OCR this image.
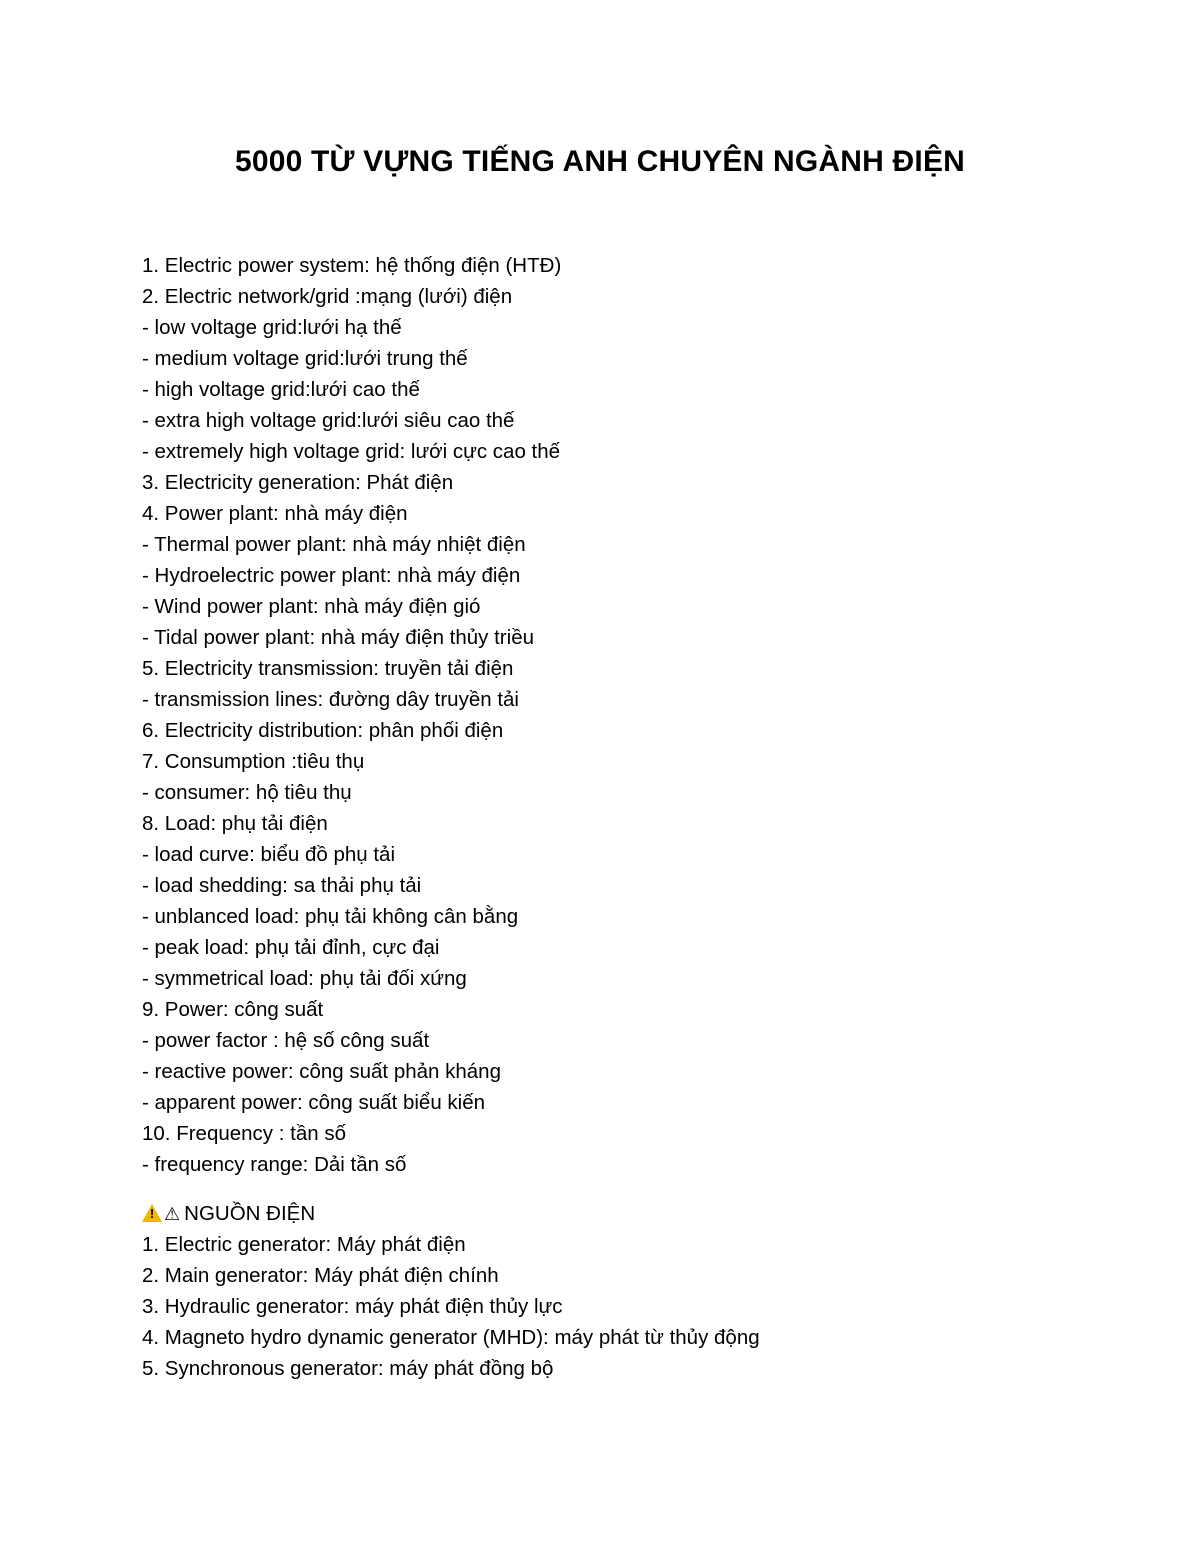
5000 TỪ VỰNG TIẾNG ANH CHUYÊN NGÀNH ĐIỆN
1. Electric power system: hệ thống điện (HTĐ)
2. Electric network/grid :mạng (lưới) điện
- low voltage grid:lưới hạ thế
- medium voltage grid:lưới trung thế
- high voltage grid:lưới cao thế
- extra high voltage grid:lưới siêu cao thế
- extremely high voltage grid: lưới cực cao thế
3. Electricity generation: Phát điện
4. Power plant: nhà máy điện
- Thermal power plant: nhà máy nhiệt điện
- Hydroelectric power plant: nhà máy điện
- Wind power plant: nhà máy điện gió
- Tidal power plant: nhà máy điện thủy triều
5. Electricity transmission: truyền tải điện
- transmission lines: đường dây truyền tải
6. Electricity distribution: phân phối điện
7. Consumption :tiêu thụ
- consumer: hộ tiêu thụ
8. Load: phụ tải điện
- load curve: biểu đồ phụ tải
- load shedding: sa thải phụ tải
- unblanced load: phụ tải không cân bằng
- peak load: phụ tải đỉnh, cực đại
- symmetrical load: phụ tải đối xứng
9. Power: công suất
- power factor : hệ số công suất
- reactive power: công suất phản kháng
- apparent power: công suất biểu kiến
10. Frequency : tần số
- frequency range: Dải tần số
!⚠ NGUỒN ĐIỆN
1. Electric generator: Máy phát điện
2. Main generator: Máy phát điện chính
3. Hydraulic generator: máy phát điện thủy lực
4. Magneto hydro dynamic generator (MHD): máy phát từ thủy động
5. Synchronous generator: máy phát đồng bộ
